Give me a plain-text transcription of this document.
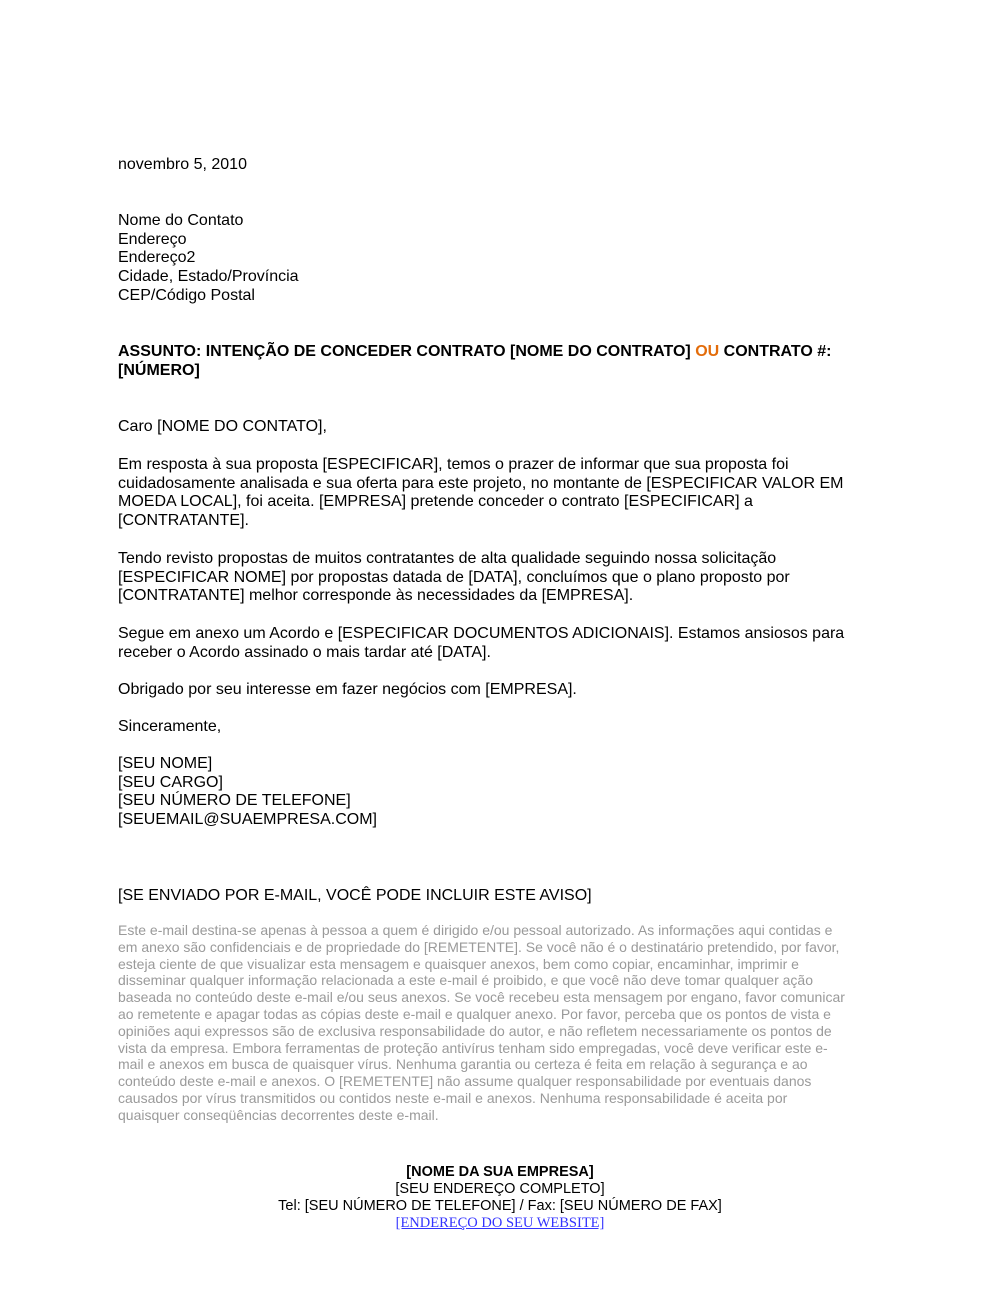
novembro 5, 2010
Nome do Contato
Endereço
Endereço2
Cidade, Estado/Província
CEP/Código Postal
ASSUNTO: INTENÇÃO DE CONCEDER CONTRATO [NOME DO CONTRATO] OU CONTRATO #:
[NÚMERO]
Caro [NOME DO CONTATO],
Em resposta à sua proposta [ESPECIFICAR], temos o prazer de informar que sua proposta foi
cuidadosamente analisada e sua oferta para este projeto, no montante de [ESPECIFICAR VALOR EM
MOEDA LOCAL], foi aceita. [EMPRESA] pretende conceder o contrato [ESPECIFICAR] a
[CONTRATANTE].
Tendo revisto propostas de muitos contratantes de alta qualidade seguindo nossa solicitação
[ESPECIFICAR NOME] por propostas datada de [DATA], concluímos que o plano proposto por
[CONTRATANTE] melhor corresponde às necessidades da [EMPRESA].
Segue em anexo um Acordo e [ESPECIFICAR DOCUMENTOS ADICIONAIS]. Estamos ansiosos para
receber o Acordo assinado o mais tardar até [DATA].
Obrigado por seu interesse em fazer negócios com [EMPRESA].
Sinceramente,
[SEU NOME]
[SEU CARGO]
[SEU NÚMERO DE TELEFONE]
[SEUEMAIL@SUAEMPRESA.COM]
[SE ENVIADO POR E-MAIL, VOCÊ PODE INCLUIR ESTE AVISO]
Este e-mail destina-se apenas à pessoa a quem é dirigido e/ou pessoal autorizado. As informações aqui contidas e
em anexo são confidenciais e de propriedade do [REMETENTE]. Se você não é o destinatário pretendido, por favor,
esteja ciente de que visualizar esta mensagem e quaisquer anexos, bem como copiar, encaminhar, imprimir e
disseminar qualquer informação relacionada a este e-mail é proibido, e que você não deve tomar qualquer ação
baseada no conteúdo deste e-mail e/ou seus anexos. Se você recebeu esta mensagem por engano, favor comunicar
ao remetente e apagar todas as cópias deste e-mail e qualquer anexo. Por favor, perceba que os pontos de vista e
opiniões aqui expressos são de exclusiva responsabilidade do autor, e não refletem necessariamente os pontos de
vista da empresa. Embora ferramentas de proteção antivírus tenham sido empregadas, você deve verificar este e-
mail e anexos em busca de quaisquer vírus. Nenhuma garantia ou certeza é feita em relação à segurança e ao
conteúdo deste e-mail e anexos. O [REMETENTE] não assume qualquer responsabilidade por eventuais danos
causados por vírus transmitidos ou contidos neste e-mail e anexos. Nenhuma responsabilidade é aceita por
quaisquer conseqüências decorrentes deste e-mail.
[NOME DA SUA EMPRESA]
[SEU ENDEREÇO COMPLETO]
Tel: [SEU NÚMERO DE TELEFONE] / Fax: [SEU NÚMERO DE FAX]
[ENDEREÇO DO SEU WEBSITE]
